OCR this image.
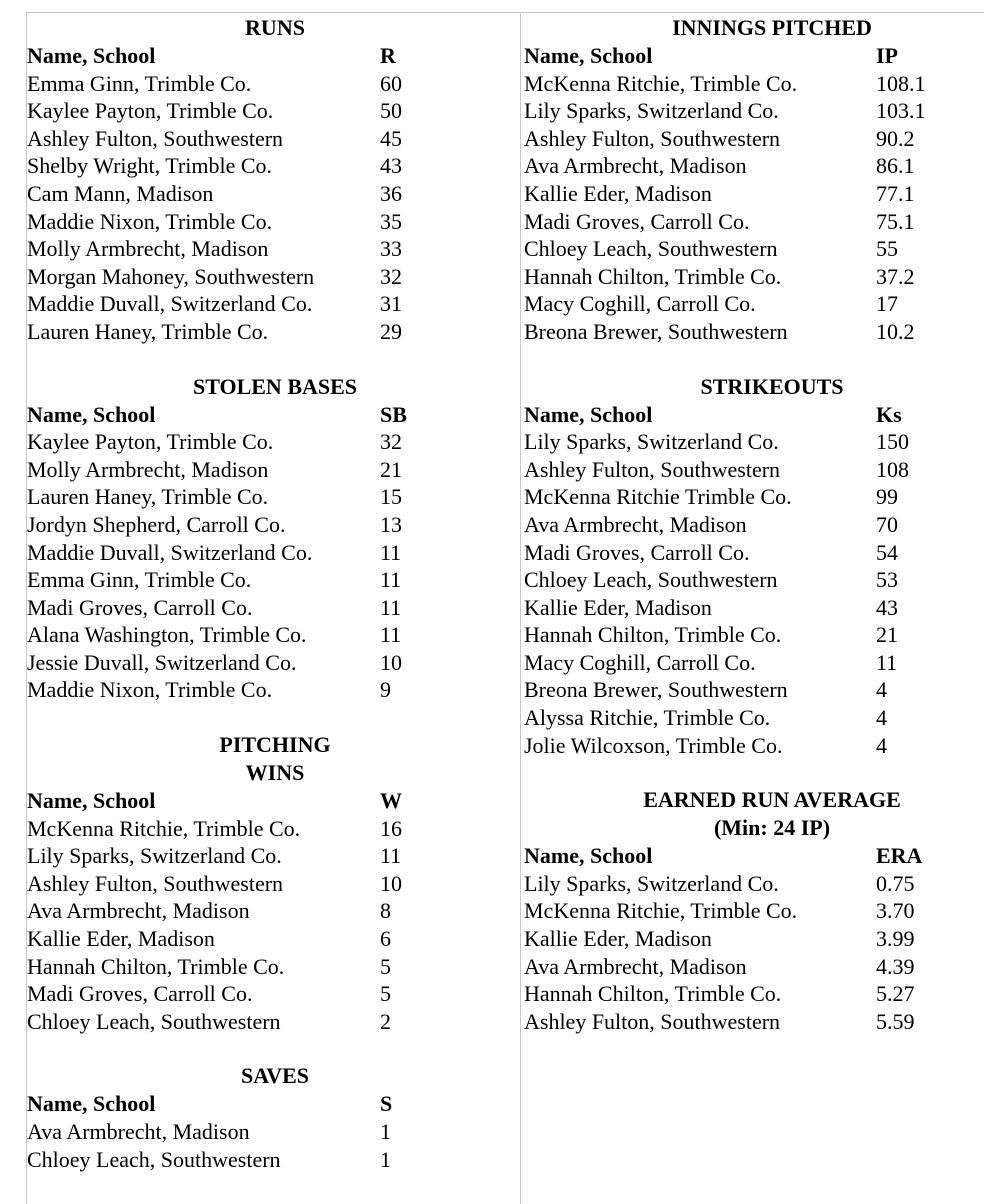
RUNS
Name, School	R
Emma Ginn, Trimble Co.	60
Kaylee Payton, Trimble Co.	50
Ashley Fulton, Southwestern	45
Shelby Wright, Trimble Co.	43
Cam Mann, Madison	36
Maddie Nixon, Trimble Co.	35
Molly Armbrecht, Madison	33
Morgan Mahoney, Southwestern	32
Maddie Duvall, Switzerland Co.	31
Lauren Haney, Trimble Co.	29
STOLEN BASES
Name, School	SB
Kaylee Payton, Trimble Co.	32
Molly Armbrecht, Madison	21
Lauren Haney, Trimble Co.	15
Jordyn Shepherd, Carroll Co.	13
Maddie Duvall, Switzerland Co.	11
Emma Ginn, Trimble Co.	11
Madi Groves, Carroll Co.	11
Alana Washington, Trimble Co.	11
Jessie Duvall, Switzerland Co.	10
Maddie Nixon, Trimble Co.	9
PITCHING
WINS
Name, School	W
McKenna Ritchie, Trimble Co.	16
Lily Sparks, Switzerland Co.	11
Ashley Fulton, Southwestern	10
Ava Armbrecht, Madison	8
Kallie Eder, Madison	6
Hannah Chilton, Trimble Co.	5
Madi Groves, Carroll Co.	5
Chloey Leach, Southwestern	2
SAVES
Name, School	S
Ava Armbrecht, Madison	1
Chloey Leach, Southwestern	1
INNINGS PITCHED
Name, School	IP
McKenna Ritchie, Trimble Co.	108.1
Lily Sparks, Switzerland Co.	103.1
Ashley Fulton, Southwestern	90.2
Ava Armbrecht, Madison	86.1
Kallie Eder, Madison	77.1
Madi Groves, Carroll Co.	75.1
Chloey Leach, Southwestern	55
Hannah Chilton, Trimble Co.	37.2
Macy Coghill, Carroll Co.	17
Breona Brewer, Southwestern	10.2
STRIKEOUTS
Name, School	Ks
Lily Sparks, Switzerland Co.	150
Ashley Fulton, Southwestern	108
McKenna Ritchie Trimble Co.	99
Ava Armbrecht, Madison	70
Madi Groves, Carroll Co.	54
Chloey Leach, Southwestern	53
Kallie Eder, Madison	43
Hannah Chilton, Trimble Co.	21
Macy Coghill, Carroll Co.	11
Breona Brewer, Southwestern	4
Alyssa Ritchie, Trimble Co.	4
Jolie Wilcoxson, Trimble Co.	4
EARNED RUN AVERAGE
(Min: 24 IP)
Name, School	ERA
Lily Sparks, Switzerland Co.	0.75
McKenna Ritchie, Trimble Co.	3.70
Kallie Eder, Madison	3.99
Ava Armbrecht, Madison	4.39
Hannah Chilton, Trimble Co.	5.27
Ashley Fulton, Southwestern	5.59
